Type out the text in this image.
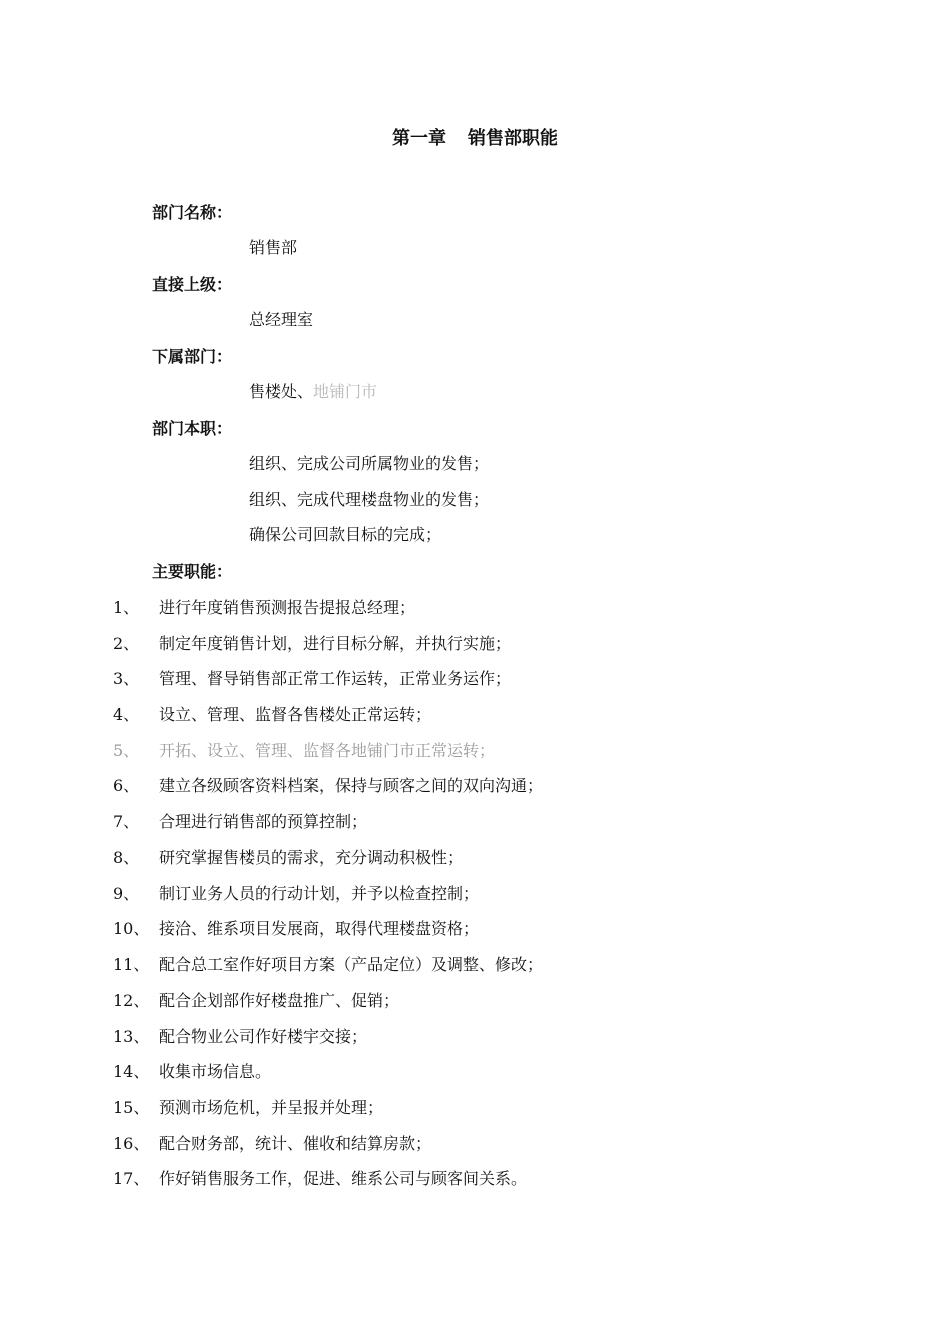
第一章 销售部职能
部门名称：
销售部
直接上级：
总经理室
下属部门：
售楼处、地铺门市
部门本职：
组织、完成公司所属物业的发售；
组织、完成代理楼盘物业的发售；
确保公司回款目标的完成；
主要职能：
1、 进行年度销售预测报告提报总经理；
2、 制定年度销售计划，进行目标分解，并执行实施；
3、 管理、督导销售部正常工作运转，正常业务运作；
4、 设立、管理、监督各售楼处正常运转；
5、 开拓、设立、管理、监督各地铺门市正常运转；
6、 建立各级顾客资料档案，保持与顾客之间的双向沟通；
7、 合理进行销售部的预算控制；
8、 研究掌握售楼员的需求，充分调动积极性；
9、 制订业务人员的行动计划，并予以检查控制；
10、 接洽、维系项目发展商，取得代理楼盘资格；
11、 配合总工室作好项目方案（产品定位）及调整、修改；
12、 配合企划部作好楼盘推广、促销；
13、 配合物业公司作好楼宇交接；
14、 收集市场信息。
15、 预测市场危机，并呈报并处理；
16、 配合财务部，统计、催收和结算房款；
17、 作好销售服务工作，促进、维系公司与顾客间关系。
